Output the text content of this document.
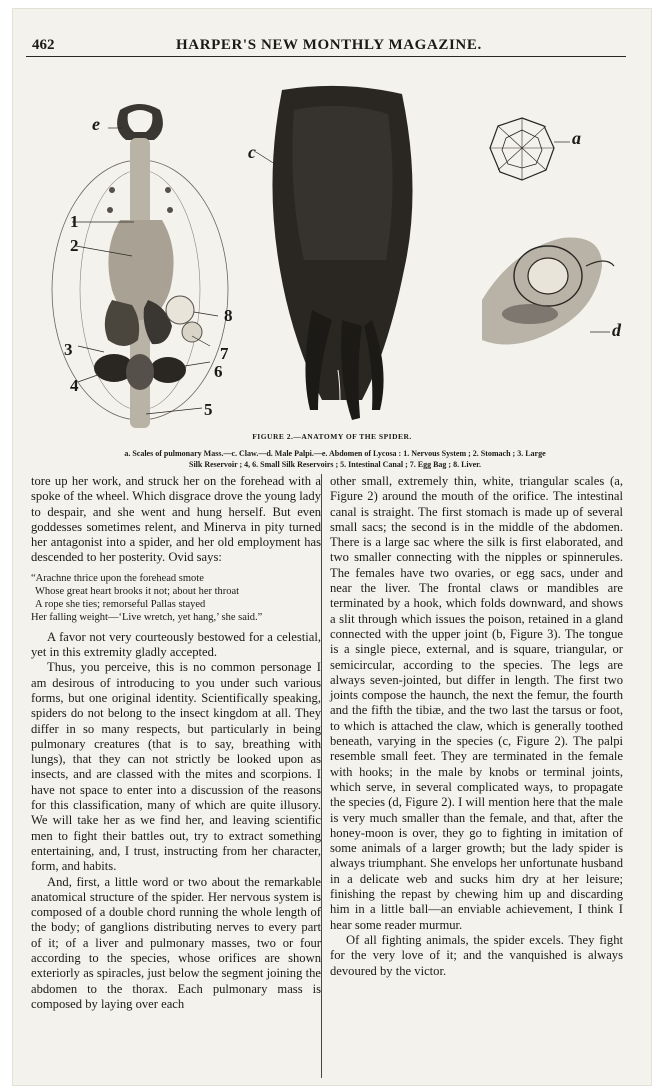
462	HARPER'S NEW MONTHLY MAGAZINE.
e
c
a
d
1
2
3
4
5
6
7
8
FIGURE 2.—ANATOMY OF THE SPIDER.
a. Scales of pulmonary Mass.—c. Claw.—d. Male Palpi.—e. Abdomen of Lycosa : 1. Nervous System ; 2. Stomach ; 3. Large
Silk Reservoir ; 4, 6. Small Silk Reservoirs ; 5. Intestinal Canal ; 7. Egg Bag ; 8. Liver.

tore up her work, and struck her on the forehead with a spoke of the wheel. Which disgrace drove the young lady to despair, and she went and hung herself. But even goddesses sometimes relent, and Minerva in pity turned her antagonist into a spider, and her old employment has descended to her posterity. Ovid says:

“Arachne thrice upon the forehead smote
Whose great heart brooks it not; about her throat
A rope she ties; remorseful Pallas stayed
Her falling weight—‘Live wretch, yet hang,’ she said.”

A favor not very courteously bestowed for a celestial, yet in this extremity gladly accepted.

Thus, you perceive, this is no common personage I am desirous of introducing to you under such various forms, but one original identity. Scientifically speaking, spiders do not belong to the insect kingdom at all. They differ in so many respects, but particularly in being pulmonary creatures (that is to say, breathing with lungs), that they can not strictly be looked upon as insects, and are classed with the mites and scorpions. I have not space to enter into a discussion of the reasons for this classification, many of which are quite illusory. We will take her as we find her, and leaving scientific men to fight their battles out, try to extract something entertaining, and, I trust, instructing from her character, form, and habits.

And, first, a little word or two about the remarkable anatomical structure of the spider. Her nervous system is composed of a double chord running the whole length of the body; of ganglions distributing nerves to every part of it; of a liver and pulmonary masses, two or four according to the species, whose orifices are shown exteriorly as spiracles, just below the segment joining the abdomen to the thorax. Each pulmonary mass is composed by laying over each

other small, extremely thin, white, triangular scales (a, Figure 2) around the mouth of the orifice. The intestinal canal is straight. The first stomach is made up of several small sacs; the second is in the middle of the abdomen. There is a large sac where the silk is first elaborated, and two smaller connecting with the nipples or spinnerules. The females have two ovaries, or egg sacs, under and near the liver. The frontal claws or mandibles are terminated by a hook, which folds downward, and shows a slit through which issues the poison, retained in a gland connected with the upper joint (b, Figure 3). The tongue is a single piece, external, and is square, triangular, or semicircular, according to the species. The legs are always seven-jointed, but differ in length. The first two joints compose the haunch, the next the femur, the fourth and the fifth the tibiæ, and the two last the tarsus or foot, to which is attached the claw, which is generally toothed beneath, varying in the species (c, Figure 2). The palpi resemble small feet. They are terminated in the female with hooks; in the male by knobs or terminal joints, which serve, in several complicated ways, to propagate the species (d, Figure 2). I will mention here that the male is very much smaller than the female, and that, after the honey-moon is over, they go to fighting in imitation of some animals of a larger growth; but the lady spider is always triumphant. She envelops her unfortunate husband in a delicate web and sucks him dry at her leisure; finishing the repast by chewing him up and discarding him in a little ball—an enviable achievement, I think I hear some reader murmur.

Of all fighting animals, the spider excels. They fight for the very love of it; and the vanquished is always devoured by the victor.
